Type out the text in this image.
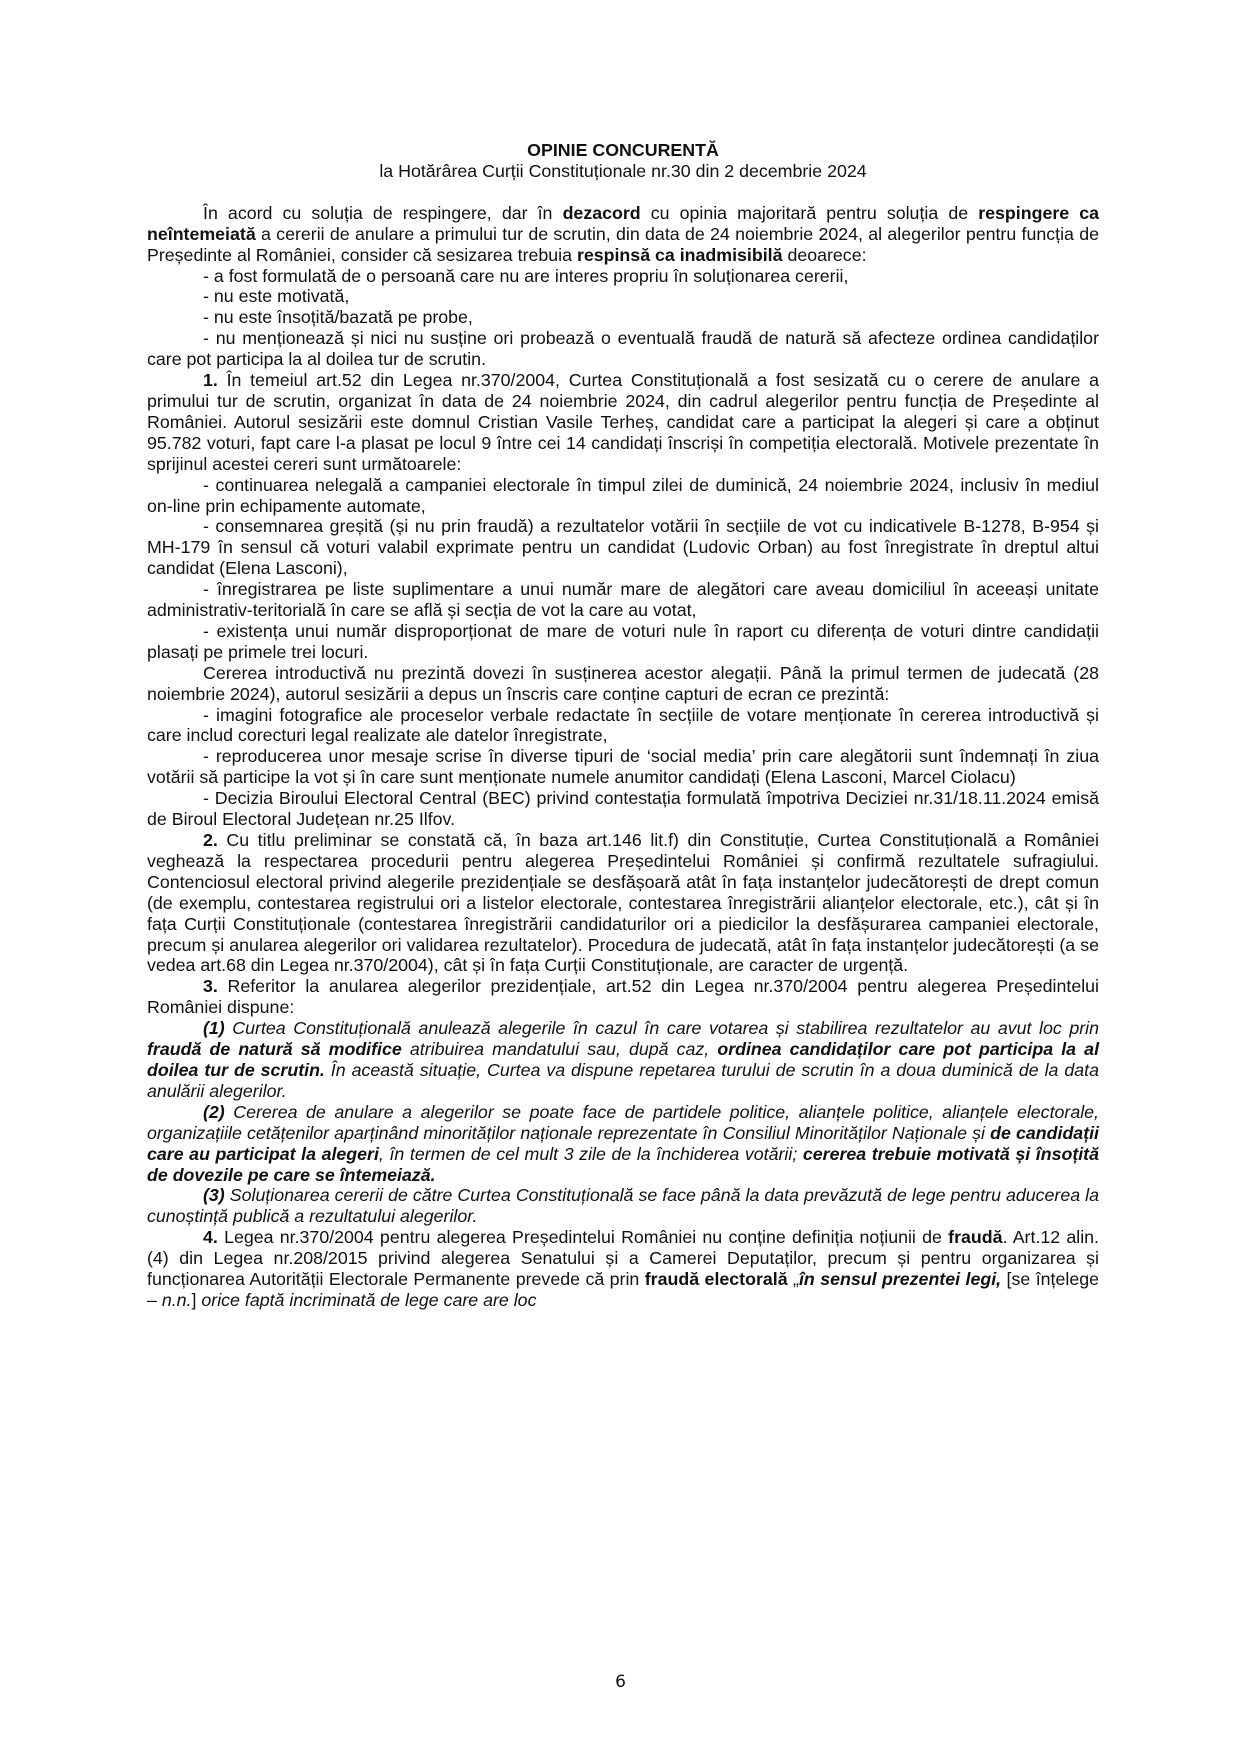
OPINIE CONCURENTĂ

la Hotărârea Curții Constituționale nr.30 din 2 decembrie 2024

În acord cu soluția de respingere, dar în dezacord cu opinia majoritară pentru soluția de respingere ca neîntemeiată a cererii de anulare a primului tur de scrutin, din data de 24 noiembrie 2024, al alegerilor pentru funcția de Președinte al României, consider că sesizarea trebuia respinsă ca inadmisibilă deoarece:

- a fost formulată de o persoană care nu are interes propriu în soluționarea cererii,

- nu este motivată,

- nu este însoțită/bazată pe probe,

- nu menționează și nici nu susține ori probează o eventuală fraudă de natură să afecteze ordinea candidaților care pot participa la al doilea tur de scrutin.

1. În temeiul art.52 din Legea nr.370/2004, Curtea Constituțională a fost sesizată cu o cerere de anulare a primului tur de scrutin, organizat în data de 24 noiembrie 2024, din cadrul alegerilor pentru funcția de Președinte al României. Autorul sesizării este domnul Cristian Vasile Terheș, candidat care a participat la alegeri și care a obținut 95.782 voturi, fapt care l-a plasat pe locul 9 între cei 14 candidați înscriși în competiția electorală. Motivele prezentate în sprijinul acestei cereri sunt următoarele:

- continuarea nelegală a campaniei electorale în timpul zilei de duminică, 24 noiembrie 2024, inclusiv în mediul on-line prin echipamente automate,

- consemnarea greșită (și nu prin fraudă) a rezultatelor votării în secțiile de vot cu indicativele B-1278, B-954 și MH-179 în sensul că voturi valabil exprimate pentru un candidat (Ludovic Orban) au fost înregistrate în dreptul altui candidat (Elena Lasconi),

- înregistrarea pe liste suplimentare a unui număr mare de alegători care aveau domiciliul în aceeași unitate administrativ-teritorială în care se află și secția de vot la care au votat,

- existența unui număr disproporționat de mare de voturi nule în raport cu diferența de voturi dintre candidații plasați pe primele trei locuri.

Cererea introductivă nu prezintă dovezi în susținerea acestor alegații. Până la primul termen de judecată (28 noiembrie 2024), autorul sesizării a depus un înscris care conține capturi de ecran ce prezintă:

- imagini fotografice ale proceselor verbale redactate în secțiile de votare menționate în cererea introductivă și care includ corecturi legal realizate ale datelor înregistrate,

- reproducerea unor mesaje scrise în diverse tipuri de ‘social media’ prin care alegătorii sunt îndemnați în ziua votării să participe la vot și în care sunt menționate numele anumitor candidați (Elena Lasconi, Marcel Ciolacu)

- Decizia Biroului Electoral Central (BEC) privind contestația formulată împotriva Deciziei nr.31/18.11.2024 emisă de Biroul Electoral Județean nr.25 Ilfov.

2. Cu titlu preliminar se constată că, în baza art.146 lit.f) din Constituție, Curtea Constituțională a României veghează la respectarea procedurii pentru alegerea Președintelui României și confirmă rezultatele sufragiului. Contenciosul electoral privind alegerile prezidențiale se desfășoară atât în fața instanțelor judecătorești de drept comun (de exemplu, contestarea registrului ori a listelor electorale, contestarea înregistrării alianțelor electorale, etc.), cât și în fața Curții Constituționale (contestarea înregistrării candidaturilor ori a piedicilor la desfășurarea campaniei electorale, precum și anularea alegerilor ori validarea rezultatelor). Procedura de judecată, atât în fața instanțelor judecătorești (a se vedea art.68 din Legea nr.370/2004), cât și în fața Curții Constituționale, are caracter de urgență.

3. Referitor la anularea alegerilor prezidențiale, art.52 din Legea nr.370/2004 pentru alegerea Președintelui României dispune:

(1) Curtea Constituțională anulează alegerile în cazul în care votarea și stabilirea rezultatelor au avut loc prin fraudă de natură să modifice atribuirea mandatului sau, după caz, ordinea candidaților care pot participa la al doilea tur de scrutin. În această situație, Curtea va dispune repetarea turului de scrutin în a doua duminică de la data anulării alegerilor.

(2) Cererea de anulare a alegerilor se poate face de partidele politice, alianțele politice, alianțele electorale, organizațiile cetățenilor aparținând minorităților naționale reprezentate în Consiliul Minorităților Naționale și de candidații care au participat la alegeri, în termen de cel mult 3 zile de la închiderea votării; cererea trebuie motivată și însoțită de dovezile pe care se întemeiază.

(3) Soluționarea cererii de către Curtea Constituțională se face până la data prevăzută de lege pentru aducerea la cunoștință publică a rezultatului alegerilor.

4. Legea nr.370/2004 pentru alegerea Președintelui României nu conține definiția noțiunii de fraudă. Art.12 alin.(4) din Legea nr.208/2015 privind alegerea Senatului și a Camerei Deputaților, precum și pentru organizarea și funcționarea Autorității Electorale Permanente prevede că prin fraudă electorală „în sensul prezentei legi, [se înțelege – n.n.] orice faptă incriminată de lege care are loc

6
